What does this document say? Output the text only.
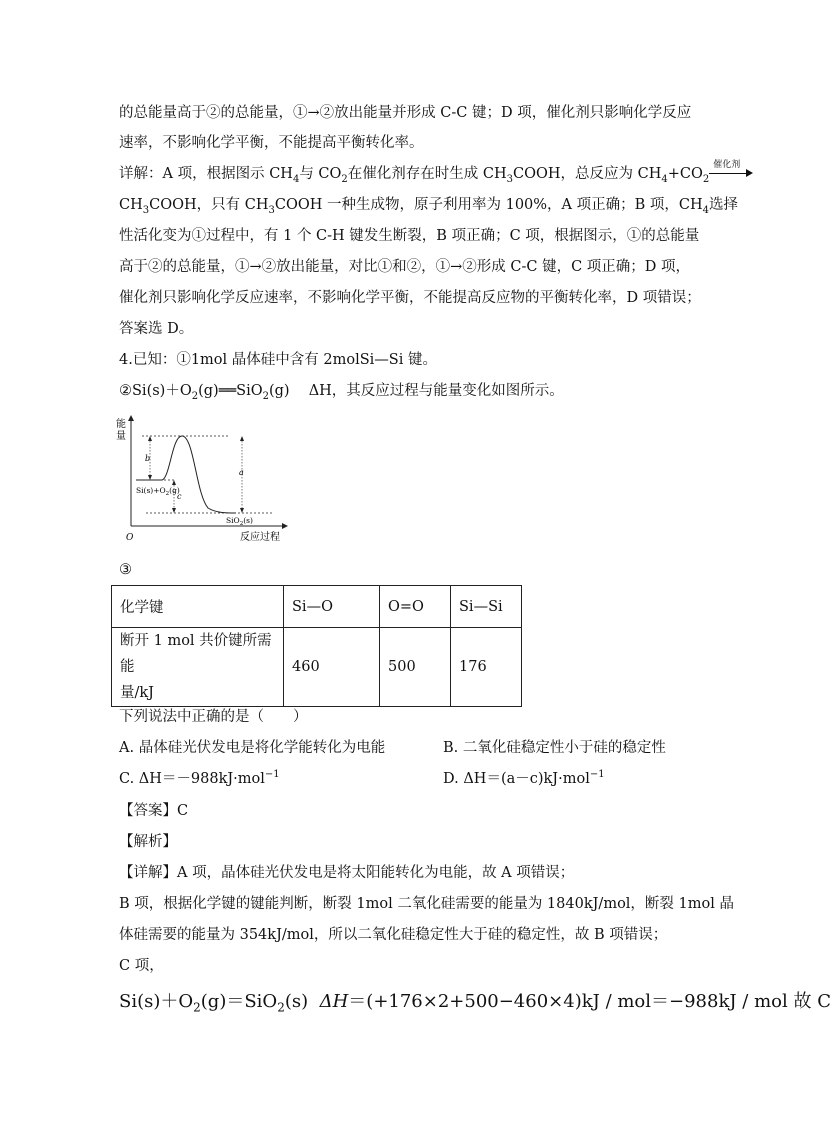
的总能量高于②的总能量，①→②放出能量并形成 C-C 键；D 项，催化剂只影响化学反应
速率，不影响化学平衡，不能提高平衡转化率。
详解：A 项，根据图示 $CH_4$与 $CO_2$在催化剂存在时生成 $CH_3COOH$，总反应为 $CH_4+CO_2$
催化剂
$CH_3COOH$，只有 $CH_3COOH$ 一种生成物，原子利用率为 100%，A 项正确；B 项，$CH_4$选择
性活化变为①过程中，有 1 个 C-H 键发生断裂，B 项正确；C 项，根据图示，①的总能量
高于②的总能量，①→②放出能量，对比①和②，①→②形成 C-C 键，C 项正确；D 项，
催化剂只影响化学反应速率，不影响化学平衡，不能提高反应物的平衡转化率，D 项错误；
答案选 D。
4.已知：①1mol 晶体硅中含有 2molSi—Si 键。
$②Si(s)+O_2(g)══SiO_2(g)$　 ΔH，其反应过程与能量变化如图所示。
能
量
O	反应过程
b
c
a
$Si(s)+O_2(g)$
SiO$_2$(s)
③
化学键	Si—O	O=O	Si—Si

断开 1 mol 共价键所需能
量/kJ	460	500	176
下列说法中正确的是（　　）
A. 晶体硅光伏发电是将化学能转化为电能	B. 二氧化硅稳定性小于硅的稳定性
C. ΔH＝－988kJ·mol$^{-1}$	D. ΔH＝(a－c)kJ·mol$^{-1}$
【答案】C
【解析】
【详解】A 项，晶体硅光伏发电是将太阳能转化为电能，故 A 项错误；
B 项，根据化学键的键能判断，断裂 1mol 二氧化硅需要的能量为 1840kJ/mol，断裂 1mol 晶
体硅需要的能量为 354kJ/mol，所以二氧化硅稳定性大于硅的稳定性，故 B 项错误；
C 项，
$Si(s)+O_2(g)=SiO_2(s)$ ΔH＝(+176×2+500−460×4)kJ / mol＝−988kJ / mol 故 C
